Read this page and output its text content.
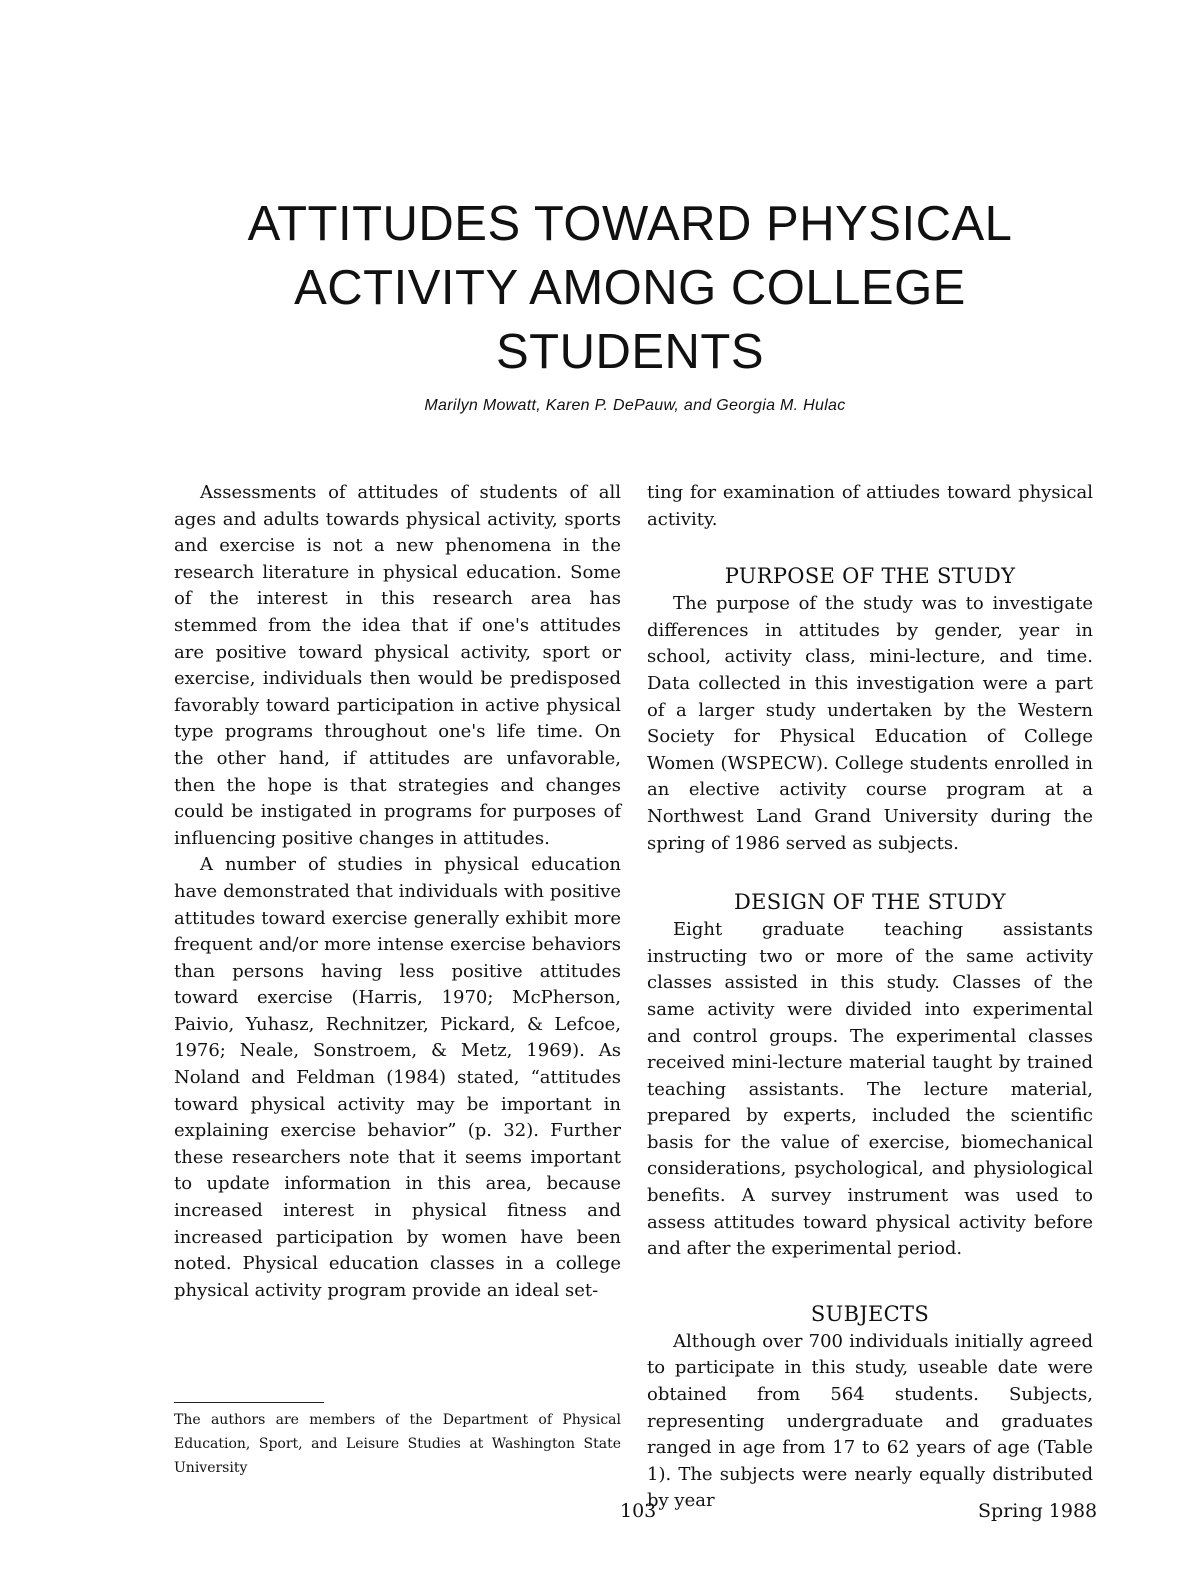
ATTITUDES TOWARD PHYSICAL
ACTIVITY AMONG COLLEGE
STUDENTS
Marilyn Mowatt, Karen P. DePauw, and Georgia M. Hulac

Assessments of attitudes of students of all ages and adults towards physical activity, sports and exercise is not a new phenomena in the research literature in physical education. Some of the interest in this research area has stemmed from the idea that if one's attitudes are positive toward physical activity, sport or exercise, individuals then would be predisposed favorably toward participation in active physical type programs throughout one's life time. On the other hand, if attitudes are unfavorable, then the hope is that strategies and changes could be instigated in programs for purposes of influencing positive changes in attitudes.

A number of studies in physical education have demonstrated that individuals with positive attitudes toward exercise generally exhibit more frequent and/or more intense exercise behaviors than persons having less positive attitudes toward exercise (Harris, 1970; McPherson, Paivio, Yuhasz, Rechnitzer, Pickard, & Lefcoe, 1976; Neale, Sonstroem, & Metz, 1969). As Noland and Feldman (1984) stated, “attitudes toward physical activity may be important in explaining exercise behavior” (p. 32). Further these researchers note that it seems important to update information in this area, because increased interest in physical fitness and increased participation by women have been noted. Physical education classes in a college physical activity program provide an ideal set-

ting for examination of attiudes toward physical activity.

PURPOSE OF THE STUDY

The purpose of the study was to investigate differences in attitudes by gender, year in school, activity class, mini-lecture, and time. Data collected in this investigation were a part of a larger study undertaken by the Western Society for Physical Education of College Women (WSPECW). College students enrolled in an elective activity course program at a Northwest Land Grand University during the spring of 1986 served as subjects.

DESIGN OF THE STUDY

Eight graduate teaching assistants instructing two or more of the same activity classes assisted in this study. Classes of the same activity were divided into experimental and control groups. The experimental classes received mini-lecture material taught by trained teaching assistants. The lecture material, prepared by experts, included the scientific basis for the value of exercise, biomechanical considerations, psychological, and physiological benefits. A survey instrument was used to assess attitudes toward physical activity before and after the experimental period.

SUBJECTS

Although over 700 individuals initially agreed to participate in this study, useable date were obtained from 564 students. Subjects, representing undergraduate and graduates ranged in age from 17 to 62 years of age (Table 1). The subjects were nearly equally distributed by year

The authors are members of the Department of Physical Education, Sport, and Leisure Studies at Washington State University
103	Spring 1988
